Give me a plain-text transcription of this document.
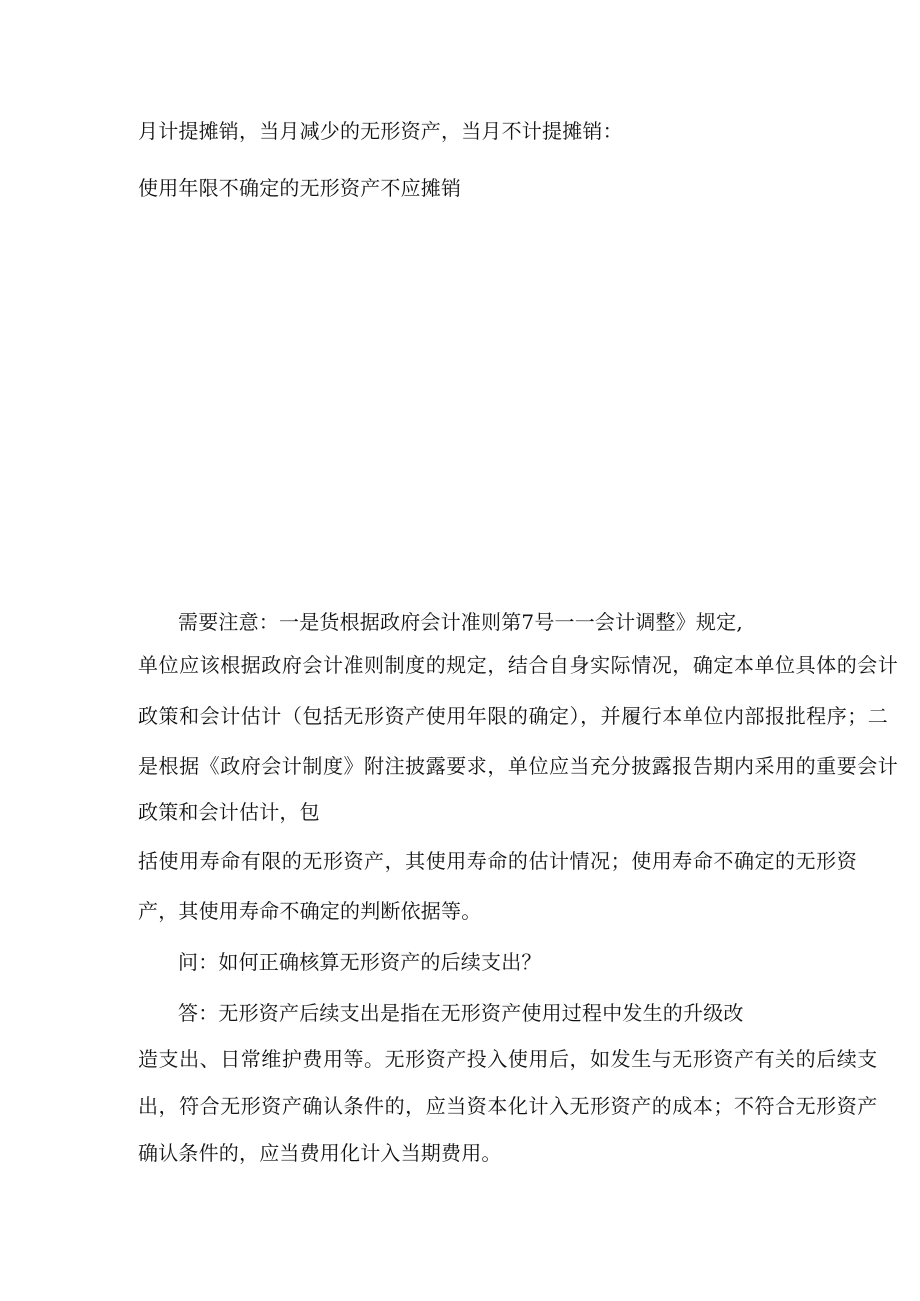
月计提摊销，当月减少的无形资产，当月不计提摊销：
使用年限不确定的无形资产不应摊销
需要注意：一是货根据政府会计准则第7号一一会计调整》规定,
单位应该根据政府会计准则制度的规定，结合自身实际情况，确定本单位具体的会计
政策和会计估计（包括无形资产使用年限的确定），并履行本单位内部报批程序；二
是根据《政府会计制度》附注披露要求，单位应当充分披露报告期内采用的重要会计
政策和会计估计，包
括使用寿命有限的无形资产，其使用寿命的估计情况；使用寿命不确定的无形资
产，其使用寿命不确定的判断依据等。
问：如何正确核算无形资产的后续支出？
答：无形资产后续支出是指在无形资产使用过程中发生的升级改
造支出、日常维护费用等。无形资产投入使用后，如发生与无形资产有关的后续支
出，符合无形资产确认条件的，应当资本化计入无形资产的成本；不符合无形资产
确认条件的，应当费用化计入当期费用。
